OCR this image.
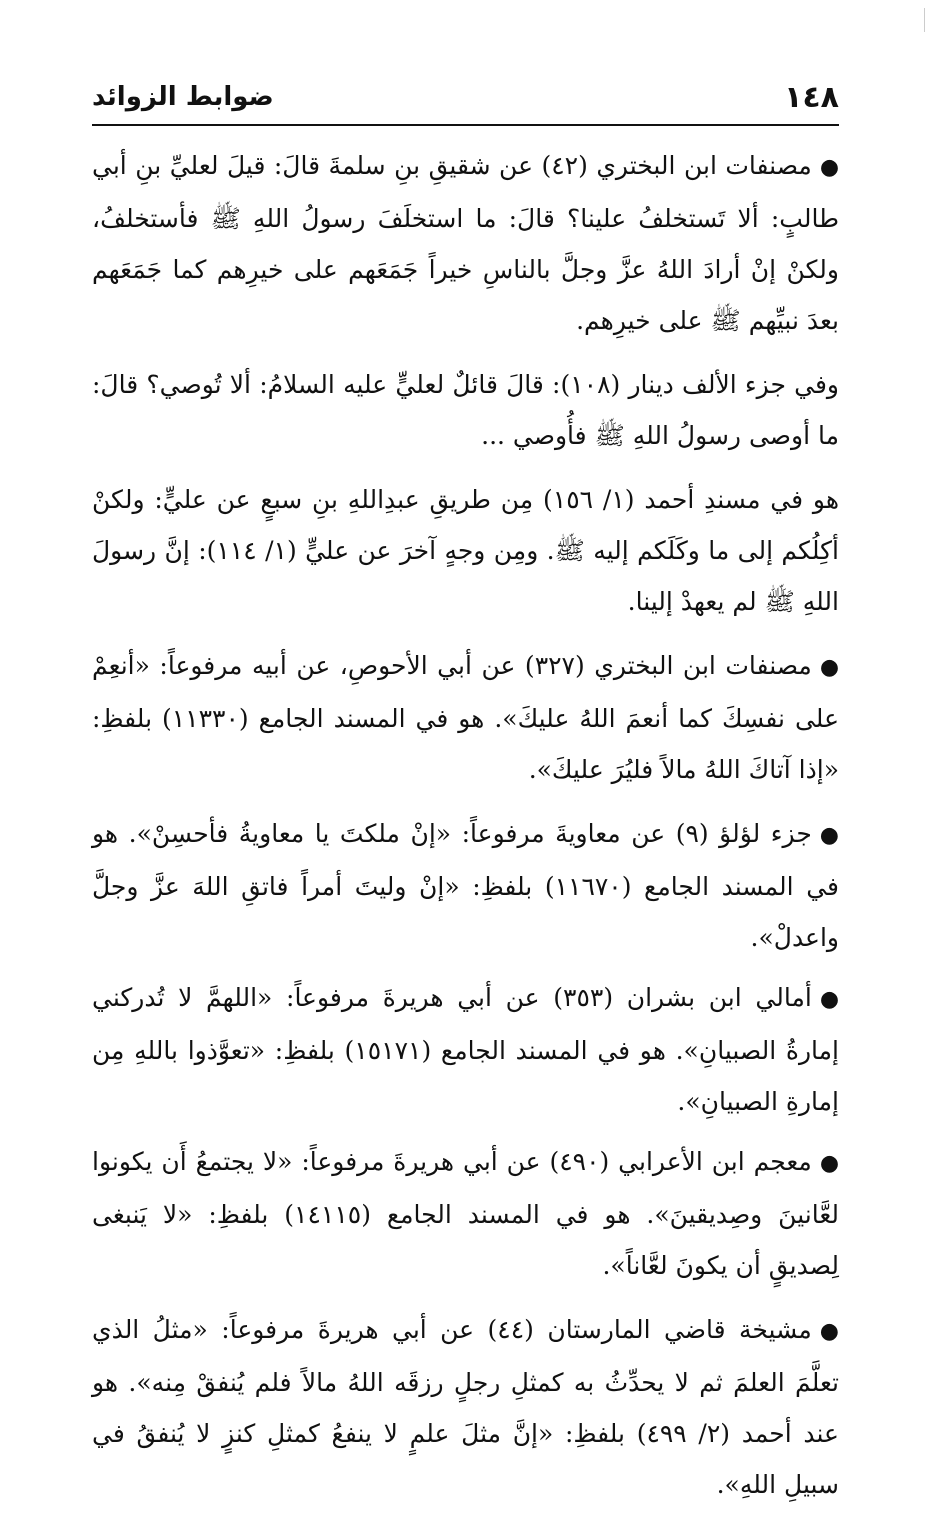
ضوابط الزوائد	١٤٨

●مصنفات ابن البختري (٤٢) عن شقيقِ بنِ سلمةَ قالَ: قيلَ لعليِّ بنِ أبي طالبٍ: ألا تَستخلفُ علينا؟ قالَ: ما استخلَفَ رسولُ اللهِ ﷺ فأستخلفُ، ولكنْ إنْ أرادَ اللهُ عزَّ وجلَّ بالناسِ خيراً جَمَعَهم على خيرِهم كما جَمَعَهم بعدَ نبيِّهم ﷺ على خيرِهم.

وفي جزء الألف دينار (١٠٨): قالَ قائلٌ لعليٍّ عليه السلامُ: ألا تُوصي؟ قالَ: ما أوصى رسولُ اللهِ ﷺ فأُوصي ...

هو في مسندِ أحمد (١/ ١٥٦) مِن طريقِ عبدِاللهِ بنِ سبعٍ عن عليٍّ: ولكنْ أكِلُكم إلى ما وكَلَكم إليه ﷺ. ومِن وجهٍ آخرَ عن عليٍّ (١/ ١١٤): إنَّ رسولَ اللهِ ﷺ لم يعهدْ إلينا.

●مصنفات ابن البختري (٣٢٧) عن أبي الأحوصِ، عن أبيه مرفوعاً: «أنعِمْ على نفسِكَ كما أنعمَ اللهُ عليكَ». هو في المسند الجامع (١١٣٣٠) بلفظِ: «إذا آتاكَ اللهُ مالاً فليُرَ عليكَ».

●جزء لؤلؤ (٩) عن معاويةَ مرفوعاً: «إنْ ملكتَ يا معاويةُ فأحسِنْ». هو في المسند الجامع (١١٦٧٠) بلفظِ: «إنْ وليتَ أمراً فاتقِ اللهَ عزَّ وجلَّ واعدلْ».

●أمالي ابن بشران (٣٥٣) عن أبي هريرةَ مرفوعاً: «اللهمَّ لا تُدركني إمارةُ الصبيانِ». هو في المسند الجامع (١٥١٧١) بلفظِ: «تعوَّذوا باللهِ مِن إمارةِ الصبيانِ».

●معجم ابن الأعرابي (٤٩٠) عن أبي هريرةَ مرفوعاً: «لا يجتمعُ أَن يكونوا لعَّانينَ وصِديقينَ». هو في المسند الجامع (١٤١١٥) بلفظِ: «لا يَنبغى لِصديقٍ أن يكونَ لعَّاناً».

●مشيخة قاضي المارستان (٤٤) عن أبي هريرةَ مرفوعاً: «مثلُ الذي تعلَّمَ العلمَ ثم لا يحدِّثُ به كمثلِ رجلٍ رزقَه اللهُ مالاً فلم يُنفقْ مِنه». هو عند أحمد (٢/ ٤٩٩) بلفظِ: «إنَّ مثلَ علمٍ لا ينفعُ كمثلِ كنزٍ لا يُنفقُ في سبيلِ اللهِ».
